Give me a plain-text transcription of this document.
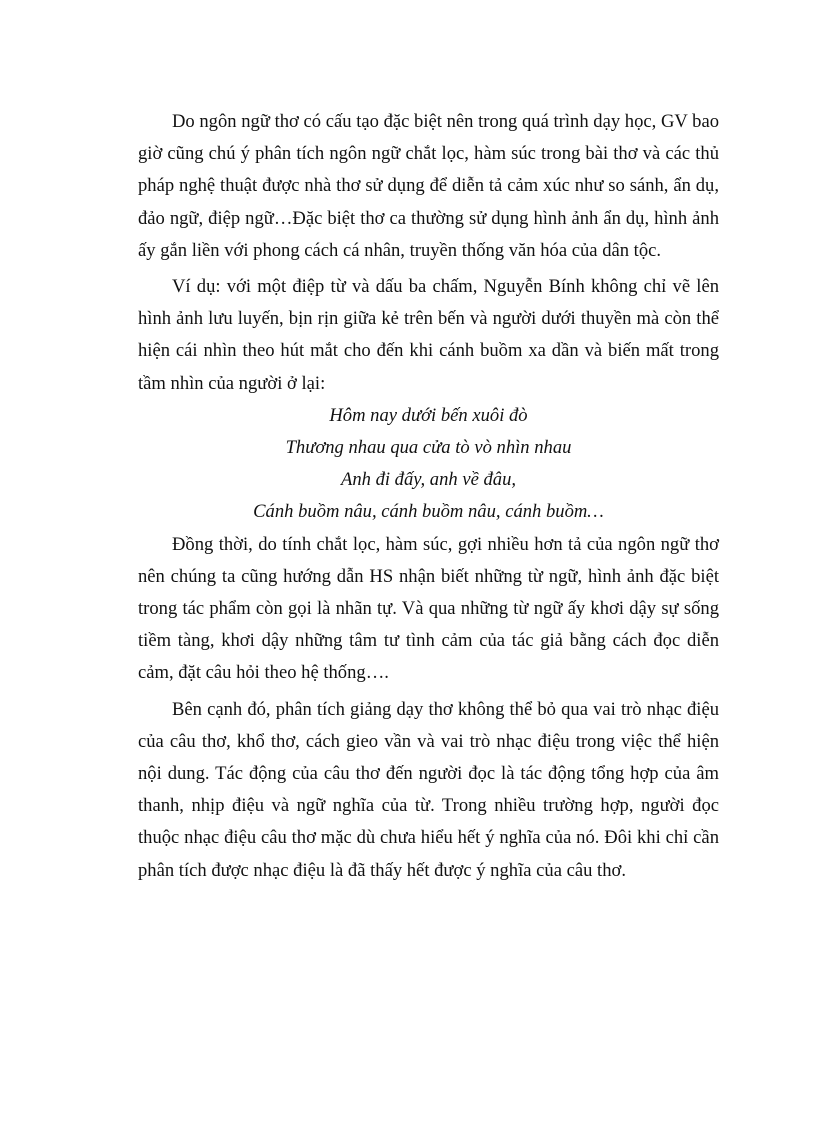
Do ngôn ngữ thơ có cấu tạo đặc biệt nên trong quá trình dạy học, GV bao giờ cũng chú ý phân tích ngôn ngữ chắt lọc, hàm súc trong bài thơ và các thủ pháp nghệ thuật được nhà thơ sử dụng để diễn tả cảm xúc như so sánh, ẩn dụ, đảo ngữ, điệp ngữ…Đặc biệt thơ ca thường sử dụng hình ảnh ẩn dụ, hình ảnh ấy gắn liền với phong cách cá nhân, truyền thống văn hóa của dân tộc.

Ví dụ: với một điệp từ và dấu ba chấm, Nguyễn Bính không chỉ vẽ lên hình ảnh lưu luyến, bịn rịn giữa kẻ trên bến và người dưới thuyền mà còn thể hiện cái nhìn theo hút mắt cho đến khi cánh buồm xa dần và biến mất trong tầm nhìn của người ở lại:

Hôm nay dưới bến xuôi đò
Thương nhau qua cửa tò vò nhìn nhau
Anh đi đấy, anh về đâu,
Cánh buồm nâu, cánh buồm nâu, cánh buồm…

Đồng thời, do tính chắt lọc, hàm súc, gợi nhiều hơn tả của ngôn ngữ thơ nên chúng ta cũng hướng dẫn HS nhận biết những từ ngữ, hình ảnh đặc biệt trong tác phẩm còn gọi là nhãn tự. Và qua những từ ngữ ấy khơi dậy sự sống tiềm tàng, khơi dậy những tâm tư tình cảm của tác giả bằng cách đọc diễn cảm, đặt câu hỏi theo hệ thống….

Bên cạnh đó, phân tích giảng dạy thơ không thể bỏ qua vai trò nhạc điệu của câu thơ, khổ thơ, cách gieo vần và vai trò nhạc điệu trong việc thể hiện nội dung. Tác động của câu thơ đến người đọc là tác động tổng hợp của âm thanh, nhịp điệu và ngữ nghĩa của từ. Trong nhiều trường hợp, người đọc thuộc nhạc điệu câu thơ mặc dù chưa hiểu hết ý nghĩa của nó. Đôi khi chỉ cần phân tích được nhạc điệu là đã thấy hết được ý nghĩa của câu thơ.
